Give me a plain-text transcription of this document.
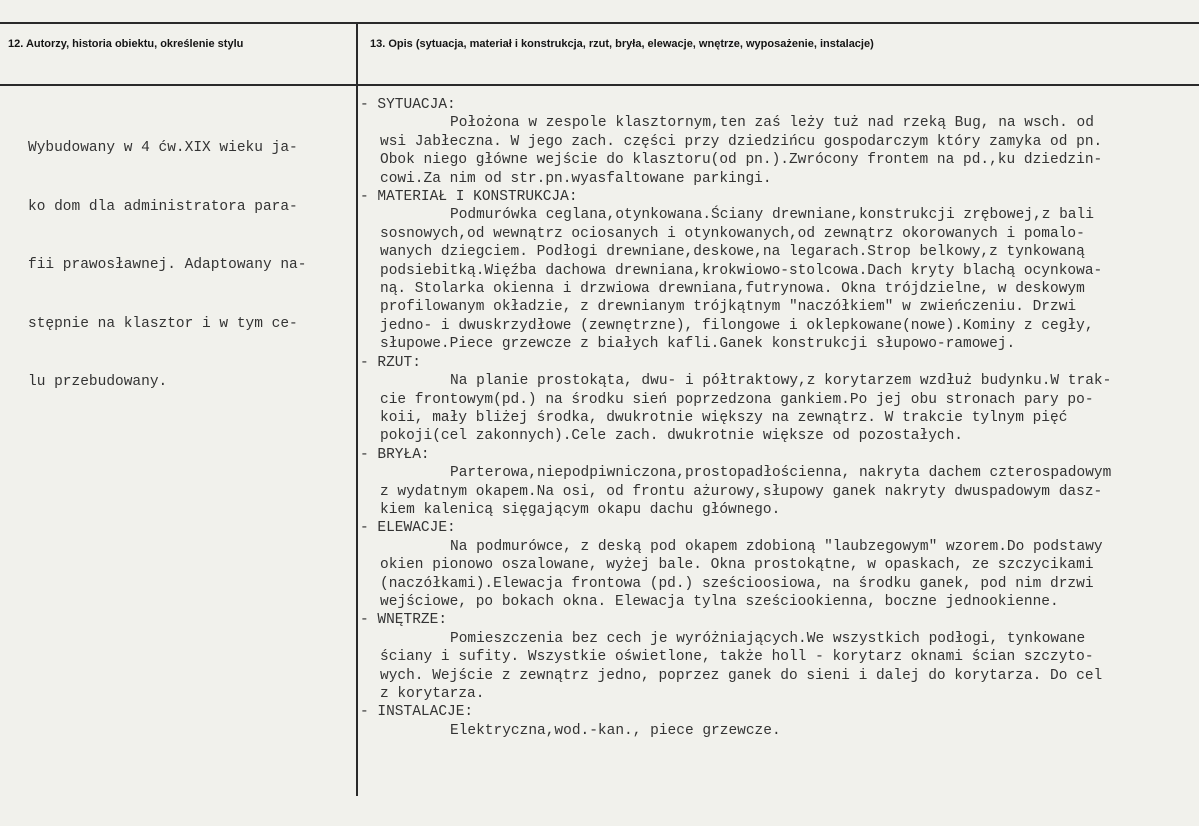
12. Autorzy, historia obiektu, określenie stylu	13. Opis (sytuacja, materiał i konstrukcja, rzut, bryła, elewacje, wnętrze, wyposażenie, instalacje)

Wybudowany w 4 ćw.XIX wieku ja-

ko dom dla administratora para-

fii prawosławnej. Adaptowany na-

stępnie na klasztor i w tym ce-

lu przebudowany.

- SYTUACJA:
Położona w zespole klasztornym,ten zaś leży tuż nad rzeką Bug, na wsch. od
wsi Jabłeczna. W jego zach. części przy dziedzińcu gospodarczym który zamyka od pn.
Obok niego główne wejście do klasztoru(od pn.).Zwrócony frontem na pd.,ku dziedzin-
cowi.Za nim od str.pn.wyasfaltowane parkingi.
- MATERIAŁ I KONSTRUKCJA:
Podmurówka ceglana,otynkowana.Ściany drewniane,konstrukcji zrębowej,z bali
sosnowych,od wewnątrz ociosanych i otynkowanych,od zewnątrz okorowanych i pomalo-
wanych dziegciem. Podłogi drewniane,deskowe,na legarach.Strop belkowy,z tynkowaną
podsiebitką.Więźba dachowa drewniana,krokwiowo-stolcowa.Dach kryty blachą ocynkowa-
ną. Stolarka okienna i drzwiowa drewniana,futrynowa. Okna trójdzielne, w deskowym
profilowanym okładzie, z drewnianym trójkątnym "naczółkiem" w zwieńczeniu. Drzwi
jedno- i dwuskrzydłowe (zewnętrzne), filongowe i oklepkowane(nowe).Kominy z cegły,
słupowe.Piece grzewcze z białych kafli.Ganek konstrukcji słupowo-ramowej.
- RZUT:
Na planie prostokąta, dwu- i półtraktowy,z korytarzem wzdłuż budynku.W trak-
cie frontowym(pd.) na środku sień poprzedzona gankiem.Po jej obu stronach pary po-
koii, mały bliżej środka, dwukrotnie większy na zewnątrz. W trakcie tylnym pięć
pokoji(cel zakonnych).Cele zach. dwukrotnie większe od pozostałych.
- BRYŁA:
Parterowa,niepodpiwniczona,prostopadłościenna, nakryta dachem czterospadowym
z wydatnym okapem.Na osi, od frontu ażurowy,słupowy ganek nakryty dwuspadowym dasz-
kiem kalenicą sięgającym okapu dachu głównego.
- ELEWACJE:
Na podmurówce, z deską pod okapem zdobioną "laubzegowym" wzorem.Do podstawy
okien pionowo oszalowane, wyżej bale. Okna prostokątne, w opaskach, ze szczycikami
(naczółkami).Elewacja frontowa (pd.) sześcioosiowa, na środku ganek, pod nim drzwi
wejściowe, po bokach okna. Elewacja tylna sześciookienna, boczne jednookienne.
- WNĘTRZE:
Pomieszczenia bez cech je wyróżniających.We wszystkich podłogi, tynkowane
ściany i sufity. Wszystkie oświetlone, także holl - korytarz oknami ścian szczyto-
wych. Wejście z zewnątrz jedno, poprzez ganek do sieni i dalej do korytarza. Do cel
z korytarza.
- INSTALACJE:
Elektryczna,wod.-kan., piece grzewcze.
